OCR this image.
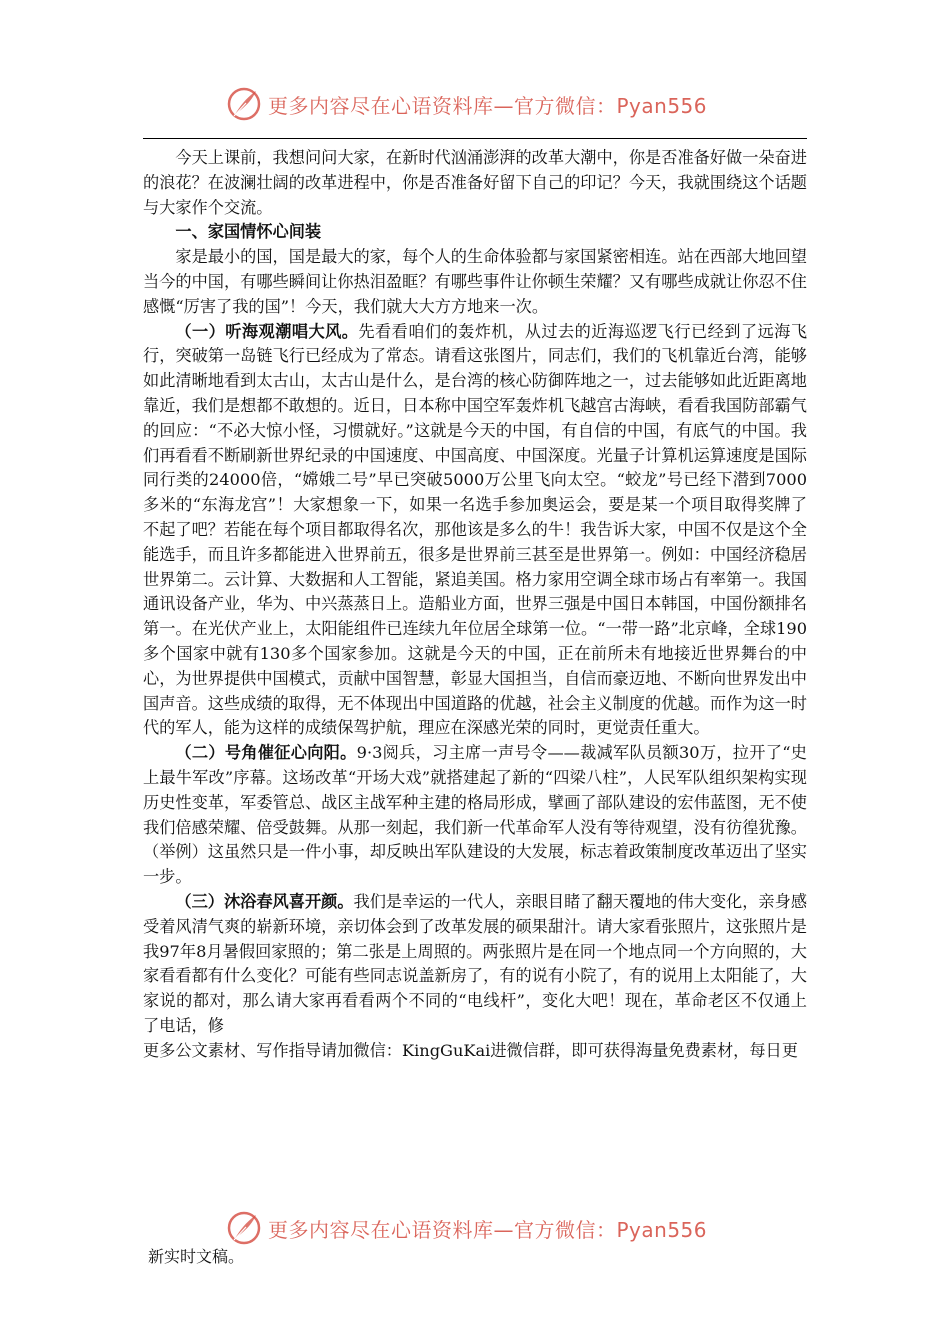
更多内容尽在心语资料库—官方微信：Pyan556

今天上课前，我想问问大家，在新时代汹涌澎湃的改革大潮中，你是否准备好做一朵奋进的浪花？在波澜壮阔的改革进程中，你是否准备好留下自己的印记？今天，我就围绕这个话题与大家作个交流。

一、家国情怀心间装

家是最小的国，国是最大的家，每个人的生命体验都与家国紧密相连。站在西部大地回望当今的中国，有哪些瞬间让你热泪盈眶？有哪些事件让你顿生荣耀？又有哪些成就让你忍不住感慨“厉害了我的国”！今天，我们就大大方方地来一次。

（一）听海观潮唱大风。先看看咱们的轰炸机，从过去的近海巡逻飞行已经到了远海飞行，突破第一岛链飞行已经成为了常态。请看这张图片，同志们，我们的飞机靠近台湾，能够如此清晰地看到太古山，太古山是什么，是台湾的核心防御阵地之一，过去能够如此近距离地靠近，我们是想都不敢想的。近日，日本称中国空军轰炸机飞越宫古海峡，看看我国防部霸气的回应：“不必大惊小怪，习惯就好。”这就是今天的中国，有自信的中国，有底气的中国。我们再看看不断刷新世界纪录的中国速度、中国高度、中国深度。光量子计算机运算速度是国际同行类的24000倍，“嫦娥二号”早已突破5000万公里飞向太空。“蛟龙”号已经下潜到7000多米的“东海龙宫”！大家想象一下，如果一名选手参加奥运会，要是某一个项目取得奖牌了不起了吧？若能在每个项目都取得名次，那他该是多么的牛！我告诉大家，中国不仅是这个全能选手，而且许多都能进入世界前五，很多是世界前三甚至是世界第一。例如：中国经济稳居世界第二。云计算、大数据和人工智能，紧追美国。格力家用空调全球市场占有率第一。我国通讯设备产业，华为、中兴蒸蒸日上。造船业方面，世界三强是中国日本韩国，中国份额排名第一。在光伏产业上，太阳能组件已连续九年位居全球第一位。“一带一路”北京峰，全球190多个国家中就有130多个国家参加。这就是今天的中国，正在前所未有地接近世界舞台的中心，为世界提供中国模式，贡献中国智慧，彰显大国担当，自信而豪迈地、不断向世界发出中国声音。这些成绩的取得，无不体现出中国道路的优越，社会主义制度的优越。而作为这一时代的军人，能为这样的成绩保驾护航，理应在深感光荣的同时，更觉责任重大。

（二）号角催征心向阳。9·3阅兵，习主席一声号令——裁减军队员额30万，拉开了“史上最牛军改”序幕。这场改革“开场大戏”就搭建起了新的“四梁八柱”，人民军队组织架构实现历史性变革，军委管总、战区主战军种主建的格局形成，擘画了部队建设的宏伟蓝图，无不使我们倍感荣耀、倍受鼓舞。从那一刻起，我们新一代革命军人没有等待观望，没有彷徨犹豫。（举例）这虽然只是一件小事，却反映出军队建设的大发展，标志着政策制度改革迈出了坚实一步。

（三）沐浴春风喜开颜。我们是幸运的一代人，亲眼目睹了翻天覆地的伟大变化，亲身感受着风清气爽的崭新环境，亲切体会到了改革发展的硕果甜汁。请大家看张照片，这张照片是我97年8月暑假回家照的；第二张是上周照的。两张照片是在同一个地点同一个方向照的，大家看看都有什么变化？可能有些同志说盖新房了，有的说有小院了，有的说用上太阳能了，大家说的都对，那么请大家再看看两个不同的“电线杆”，变化大吧！现在，革命老区不仅通上了电话，修

更多公文素材、写作指导请加微信：KingGuKai进微信群，即可获得海量免费素材，每日更

更多内容尽在心语资料库—官方微信：Pyan556
新实时文稿。
